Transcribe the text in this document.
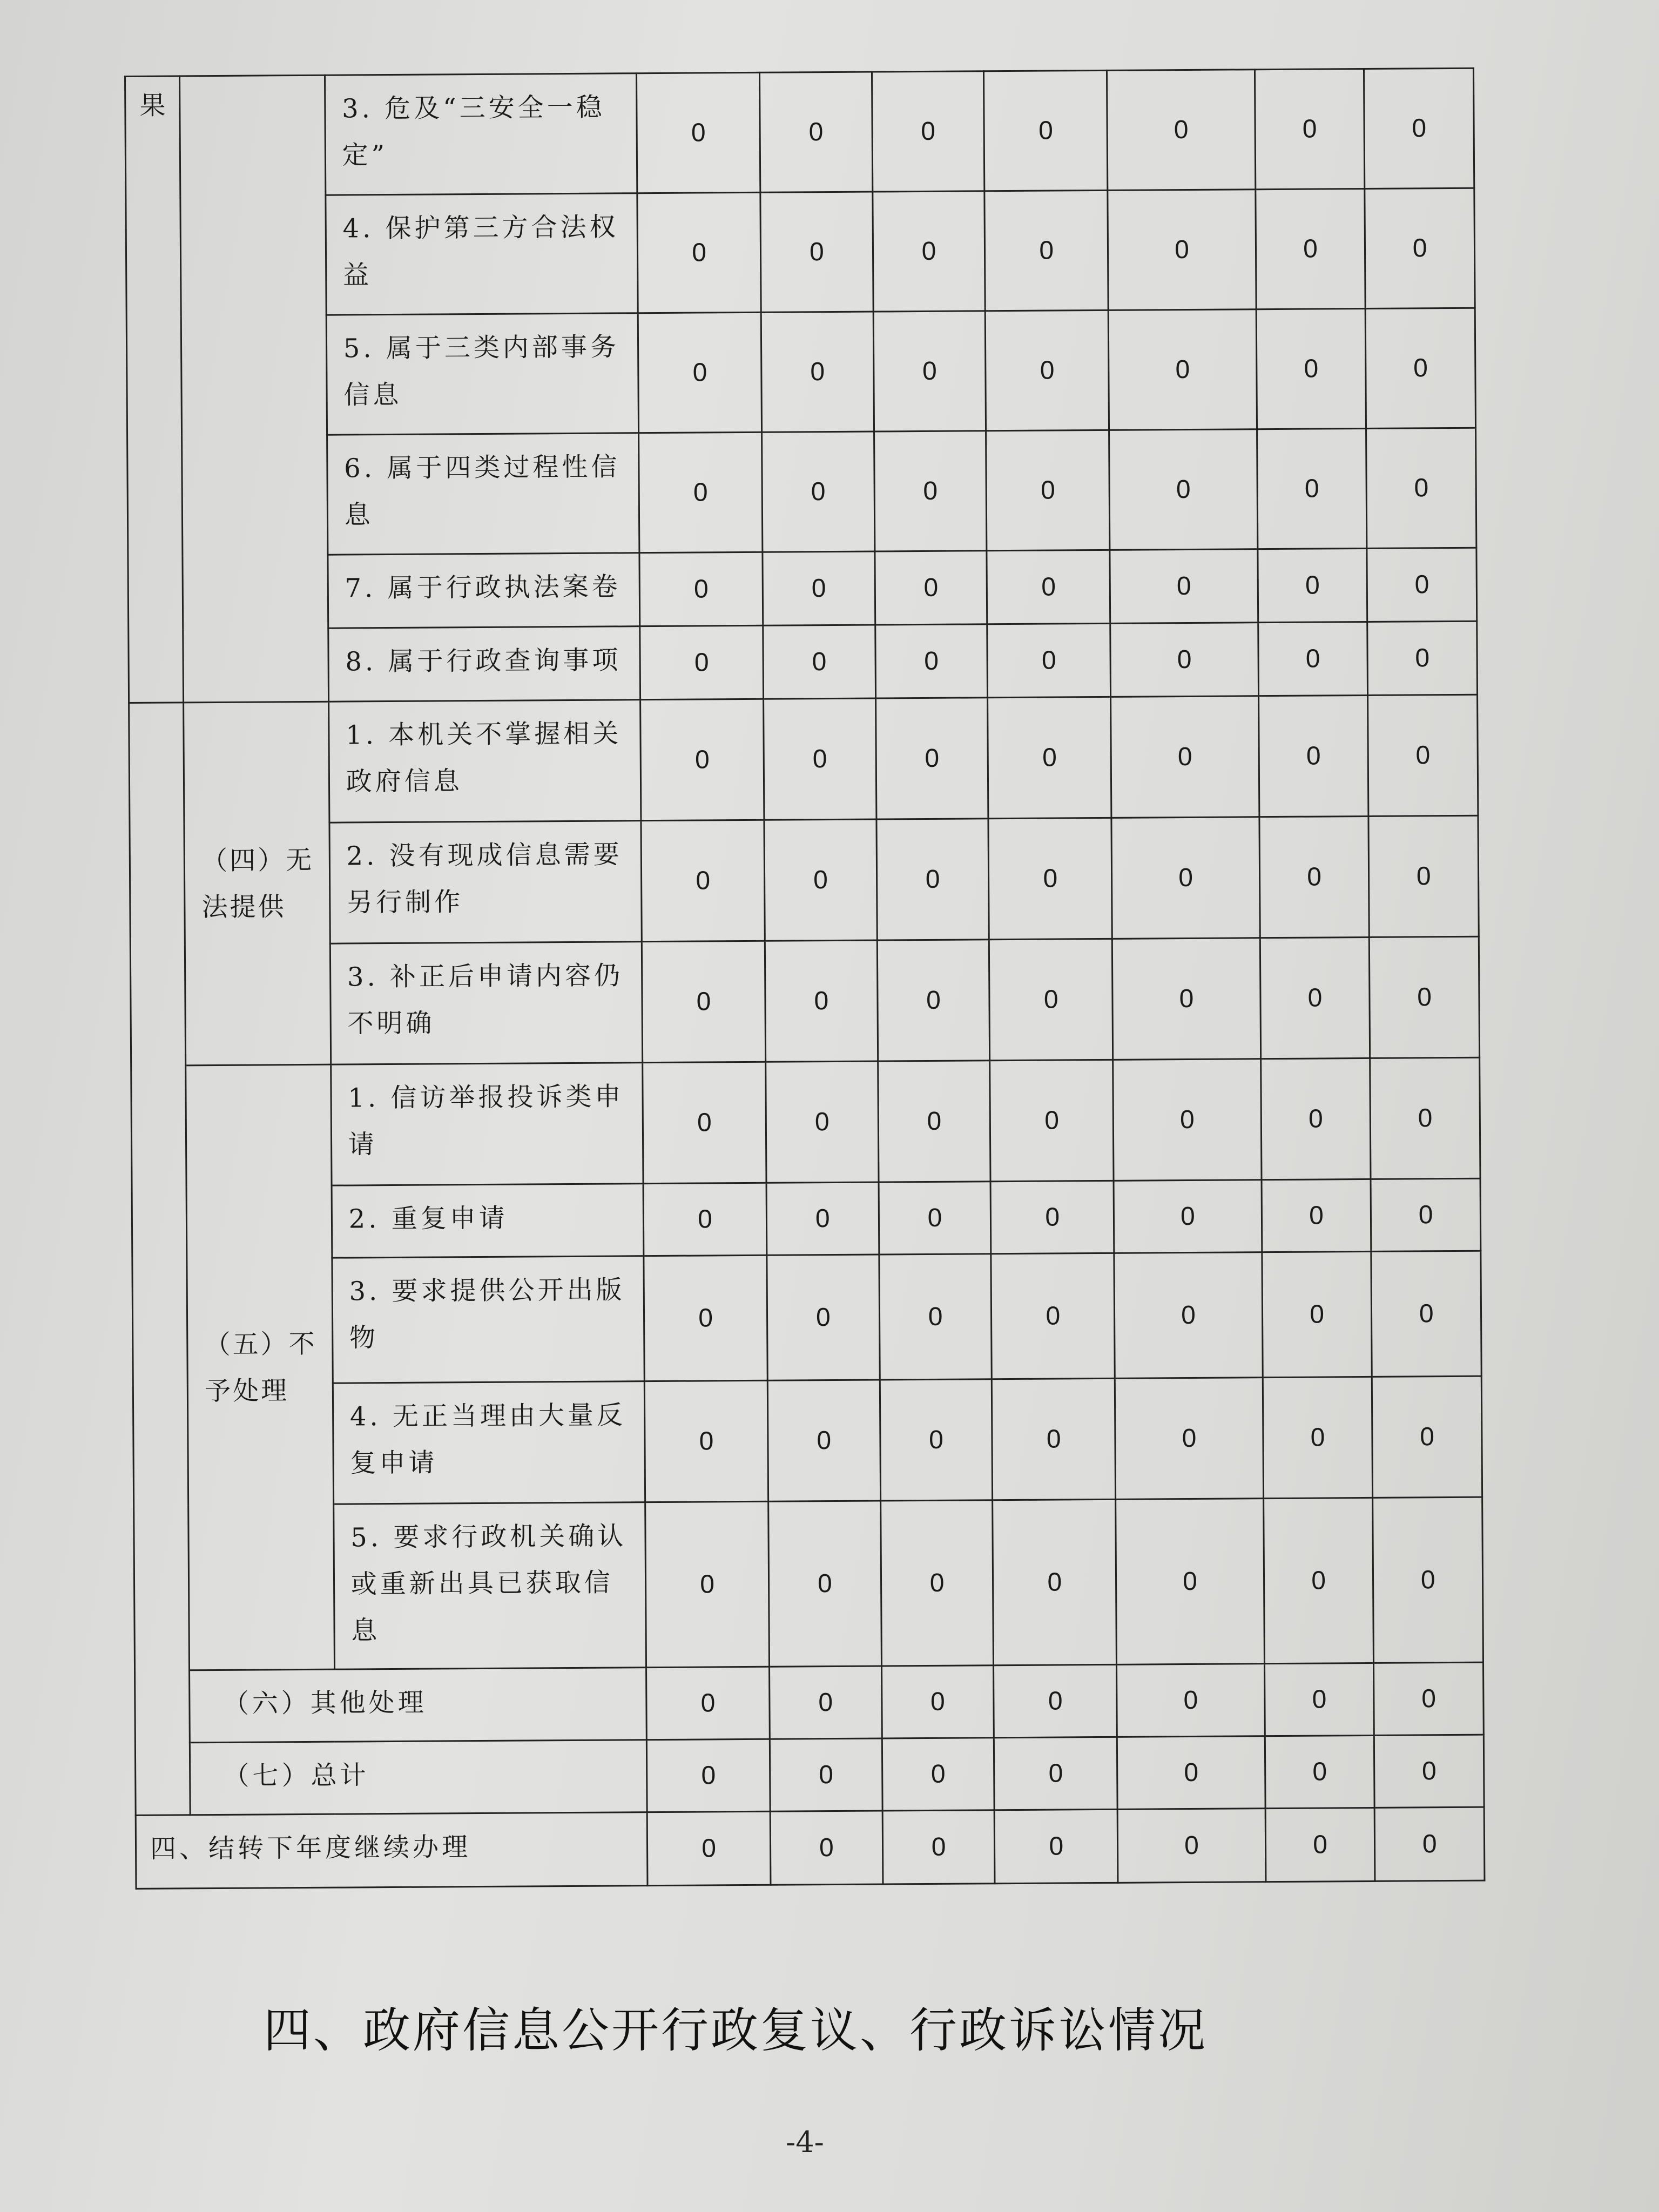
果		3. 危及“三安全一稳定”	0	0	0	0	0	0	0
		4. 保护第三方合法权益	0	0	0	0	0	0	0
		5. 属于三类内部事务信息	0	0	0	0	0	0	0
		6. 属于四类过程性信息	0	0	0	0	0	0	0
		7. 属于行政执法案卷	0	0	0	0	0	0	0
		8. 属于行政查询事项	0	0	0	0	0	0	0
	（四）无法提供	1. 本机关不掌握相关政府信息	0	0	0	0	0	0	0
		2. 没有现成信息需要另行制作	0	0	0	0	0	0	0
		3. 补正后申请内容仍不明确	0	0	0	0	0	0	0
	（五）不予处理	1. 信访举报投诉类申请	0	0	0	0	0	0	0
		2. 重复申请	0	0	0	0	0	0	0
		3. 要求提供公开出版物	0	0	0	0	0	0	0
		4. 无正当理由大量反复申请	0	0	0	0	0	0	0
		5. 要求行政机关确认或重新出具已获取信息	0	0	0	0	0	0	0
	（六）其他处理		0	0	0	0	0	0	0
	（七）总计		0	0	0	0	0	0	0
四、结转下年度继续办理			0	0	0	0	0	0	0
四、政府信息公开行政复议、行政诉讼情况
-4-
